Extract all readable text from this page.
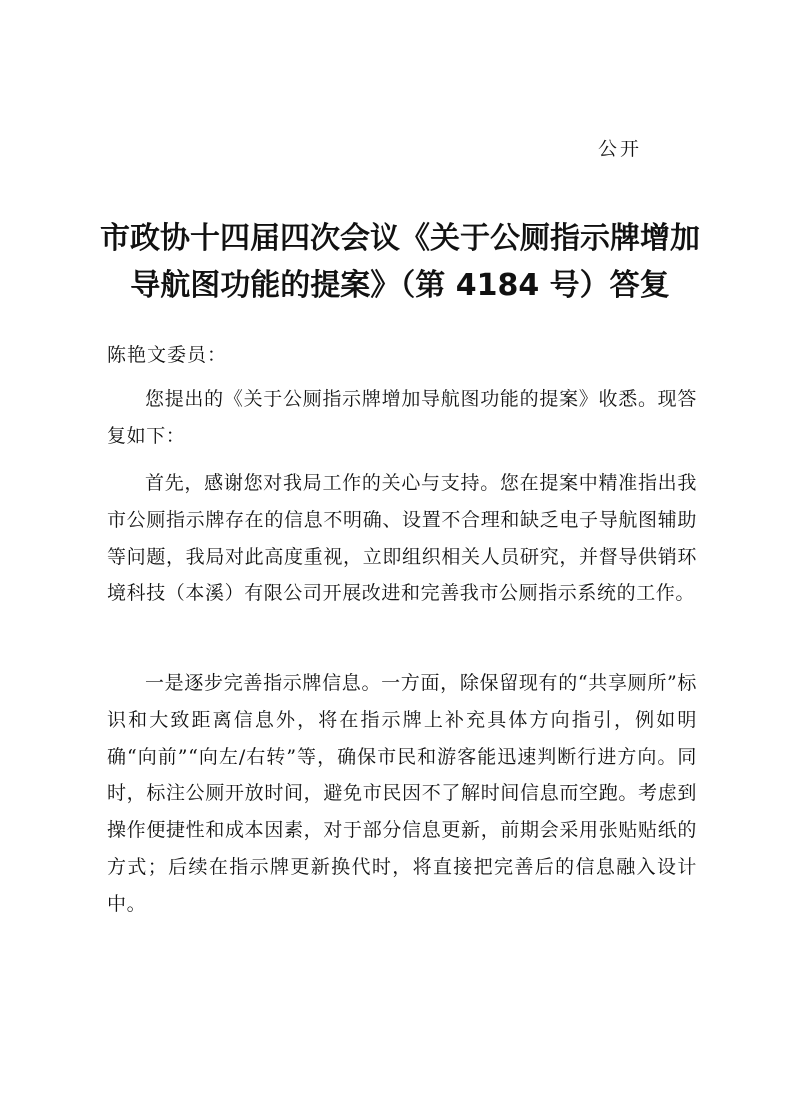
公开
市政协十四届四次会议《关于公厕指示牌增加
导航图功能的提案》（第 4184 号）答复
陈艳文委员：
您提出的《关于公厕指示牌增加导航图功能的提案》收悉。现答复如下：
首先，感谢您对我局工作的关心与支持。您在提案中精准指出我市公厕指示牌存在的信息不明确、设置不合理和缺乏电子导航图辅助等问题，我局对此高度重视，立即组织相关人员研究，并督导供销环境科技（本溪）有限公司开展改进和完善我市公厕指示系统的工作。
一是逐步完善指示牌信息。一方面，除保留现有的“共享厕所”标识和大致距离信息外，将在指示牌上补充具体方向指引，例如明确“向前”“向左/右转”等，确保市民和游客能迅速判断行进方向。同时，标注公厕开放时间，避免市民因不了解时间信息而空跑。考虑到操作便捷性和成本因素，对于部分信息更新，前期会采用张贴贴纸的方式；后续在指示牌更新换代时，将直接把完善后的信息融入设计中。
